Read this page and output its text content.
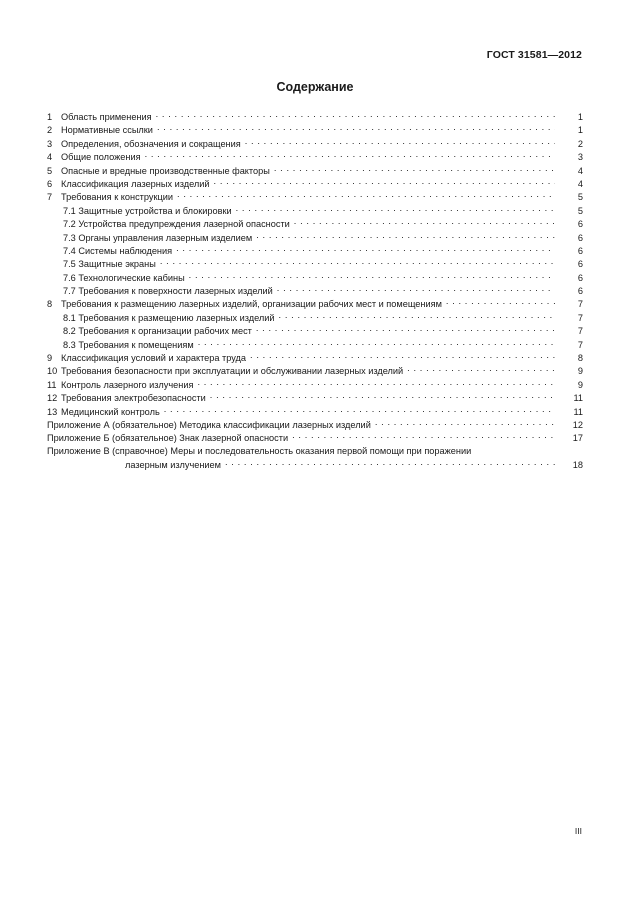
ГОСТ 31581—2012
Содержание
1 Область применения . . .	1
2 Нормативные ссылки . . .	1
3 Определения, обозначения и сокращения . . .	2
4 Общие положения . . .	3
5 Опасные и вредные производственные факторы . . .	4
6 Классификация лазерных изделий . . .	4
7 Требования к конструкции . . .	5
7.1 Защитные устройства и блокировки . . .	5
7.2 Устройства предупреждения лазерной опасности . . .	6
7.3 Органы управления лазерным изделием . . .	6
7.4 Системы наблюдения . . .	6
7.5 Защитные экраны . . .	6
7.6 Технологические кабины . . .	6
7.7 Требования к поверхности лазерных изделий . . .	6
8 Требования к размещению лазерных изделий, организации рабочих мест и помещениям . . .	7
8.1 Требования к размещению лазерных изделий . . .	7
8.2 Требования к организации рабочих мест . . .	7
8.3 Требования к помещениям . . .	7
9 Классификация условий и характера труда . . .	8
10 Требования безопасности при эксплуатации и обслуживании лазерных изделий . . .	9
11 Контроль лазерного излучения . . .	9
12 Требования электробезопасности . . .	11
13 Медицинский контроль . . .	11
Приложение А (обязательное) Методика классификации лазерных изделий . . .	12
Приложение Б (обязательное) Знак лазерной опасности . . .	17
Приложение В (справочное) Меры и последовательность оказания первой помощи при поражении
лазерным излучением . . .	18
III
